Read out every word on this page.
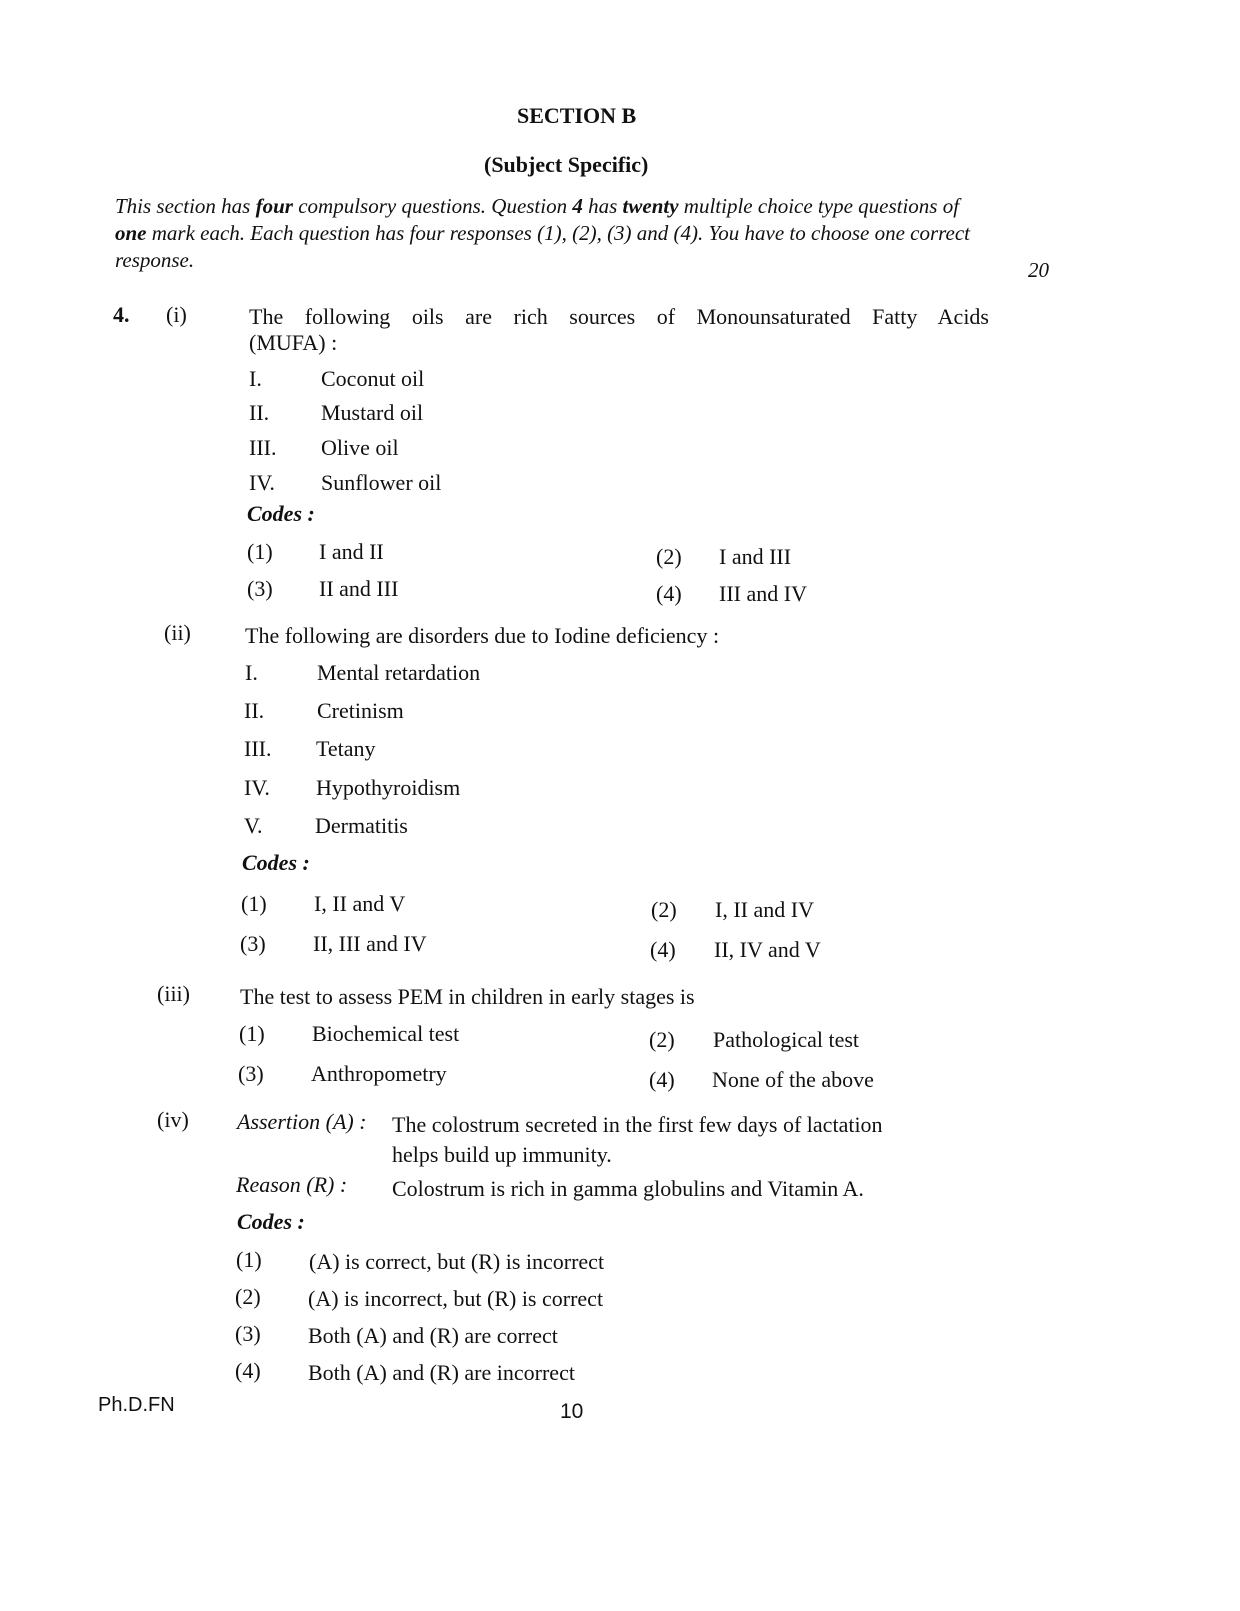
SECTION B
(Subject Specific)
This section has four compulsory questions. Question 4 has twenty multiple choice type questions of one mark each. Each question has four responses (1), (2), (3) and (4). You have to choose one correct response.	20
4. (i)	The following oils are rich sources of Monounsaturated Fatty Acids
(MUFA) :
I.	Coconut oil
II. Mustard oil
III. Olive oil
IV. Sunflower oil
Codes :
(1) I and II	(2) I and III
(3) II and III	(4) III and IV
(ii) The following are disorders due to Iodine deficiency :
I.	Mental retardation
II. Cretinism
III. Tetany
IV. Hypothyroidism
V. Dermatitis
Codes :
(1) I, II and V	(2) I, II and IV
(3) II, III and IV	(4) II, IV and V
(iii) The test to assess PEM in children in early stages is
(1) Biochemical test	(2) Pathological test
(3) Anthropometry	(4) None of the above
(iv) Assertion (A) : The colostrum secreted in the first few days of lactation
helps build up immunity.
Reason (R) : Colostrum is rich in gamma globulins and Vitamin A.
Codes :
(1) (A) is correct, but (R) is incorrect
(2) (A) is incorrect, but (R) is correct
(3) Both (A) and (R) are correct
(4) Both (A) and (R) are incorrect
Ph.D.FN	10
